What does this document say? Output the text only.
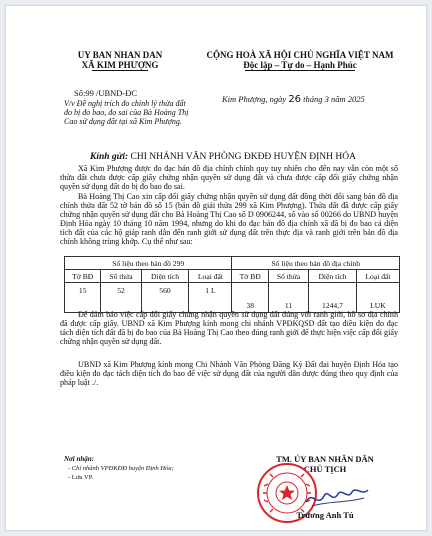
UY BAN NHAN DAN
XÃ KIM PHƯỢNG
CỘNG HOÀ XÃ HỘI CHỦ NGHĨA VIỆT NAM
Độc lập – Tự do – Hạnh Phúc
Số:99 /UBND-ĐC
V/v Đề nghị trích đo chỉnh lý thửa đất đo bị đo bao, đo sai của Bà Hoàng Thị Cao sử dụng đất tại xã Kim Phượng.
Kim Phượng, ngày 26 tháng 3 năm 2025
Kính gửi: CHI NHÁNH VĂN PHÒNG ĐKĐĐ HUYỆN ĐỊNH HÓA
Xã Kim Phượng được đo đạc bản đồ địa chính chính quy tuy nhiên cho đến nay vẫn còn một số thửa đất chưa được cấp giấy chứng nhận quyền sử dụng đất và chưa được cấp đổi giấy chứng nhận quyền sử dụng đất do bị đo bao đo sai.
Bà Hoàng Thị Cao xin cấp đổi giấy chứng nhận quyền sử dụng đất đồng thời đổi sang bản đồ địa chính thửa đất 52 tờ bản đồ số 15 (bản đồ giải thửa 299 xã Kim Phượng). Thửa đất đã được cấp giấy chứng nhận quyền sử dụng đất cho Bà Hoàng Thị Cao số D 0906244, số vào sổ 00266 do UBND huyện Định Hóa ngày 10 tháng 10 năm 1994, nhưng do khi đo đạc bản đồ địa chính xã đã bị đo bao cả diện tích đất của các hộ giáp ranh dẫn đến ranh giới sử dụng đất trên thực địa và ranh giới trên bản đồ địa chính không trùng khớp. Cụ thể như sau:
Số liệu theo bản đồ 299				Số liệu theo bản đồ địa chính			
Tờ BĐ	Số thửa	Diện tích	Loại đất	Tờ BĐ	Số thửa	Diện tích	Loại đất
15	52	560	1 L	38	11	1244,7	LUK
Để đảm bảo việc cấp đổi giấy chứng nhận quyền sử dụng đất đúng với ranh giới, hồ sơ địa chính đã được cấp giấy. UBND xã Kim Phượng kính mong chi nhánh VPĐKQSD đất tạo điều kiện đo đạc tách diện tích đất đã bị đo bao của Bà Hoàng Thị Cao theo đúng ranh giới để thực hiện việc cấp đổi giấy chứng nhận quyền sử dụng đất.
UBND xã Kim Phượng kính mong Chi Nhánh Văn Phòng Đăng Ký Đất đai huyện Định Hóa tạo điều kiện đo đạc tách diện tích đo bao để việc sử dụng đất của người dân được đúng theo quy định của pháp luật ./.
Nơi nhận:
- Chi nhánh VPĐKĐĐ huyện Định Hóa;
- Lưu VP.
TM. ỦY BAN NHÂN DÂN
CHỦ TỊCH
Trương Anh Tú
